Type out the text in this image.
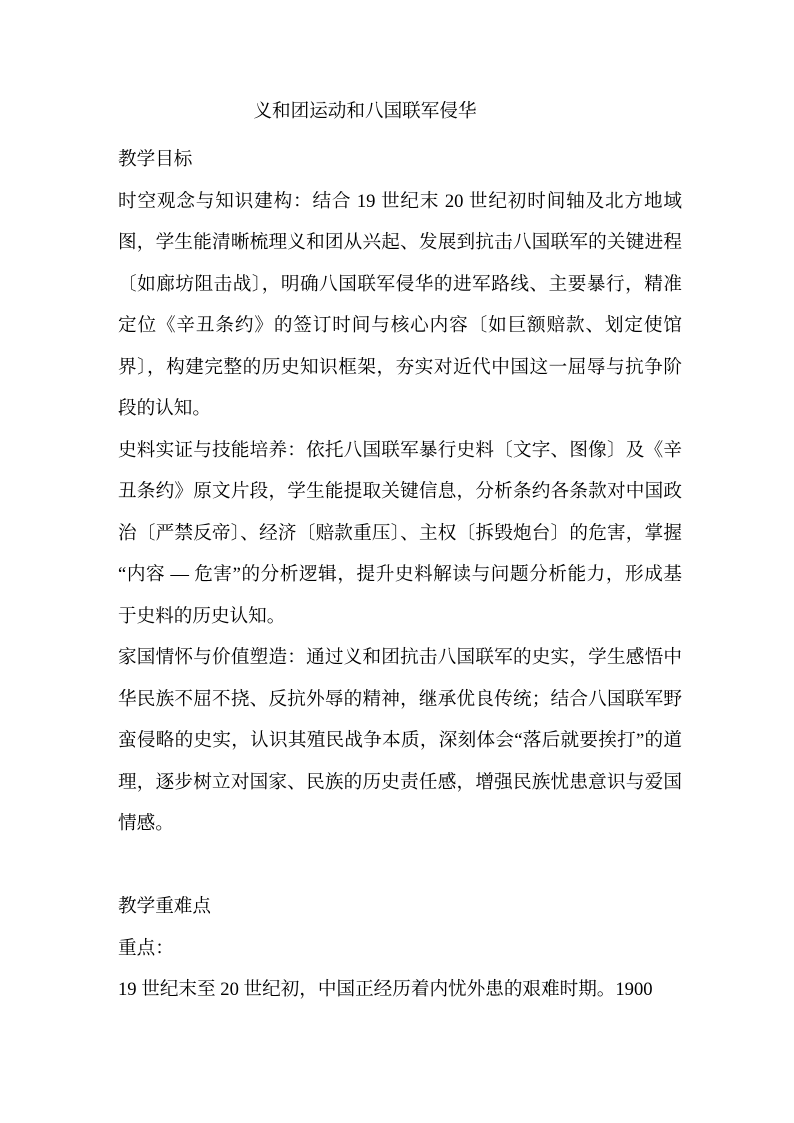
义和团运动和八国联军侵华

教学目标

时空观念与知识建构：结合 19 世纪末 20 世纪初时间轴及北方地域图，学生能清晰梳理义和团从兴起、发展到抗击八国联军的关键进程〔如廊坊阻击战〕，明确八国联军侵华的进军路线、主要暴行，精准定位《辛丑条约》的签订时间与核心内容〔如巨额赔款、划定使馆界〕，构建完整的历史知识框架，夯实对近代中国这一屈辱与抗争阶段的认知。

史料实证与技能培养：依托八国联军暴行史料〔文字、图像〕及《辛丑条约》原文片段，学生能提取关键信息，分析条约各条款对中国政治〔严禁反帝〕、经济〔赔款重压〕、主权〔拆毁炮台〕的危害，掌握“内容 — 危害”的分析逻辑，提升史料解读与问题分析能力，形成基于史料的历史认知。

家国情怀与价值塑造：通过义和团抗击八国联军的史实，学生感悟中华民族不屈不挠、反抗外辱的精神，继承优良传统；结合八国联军野蛮侵略的史实，认识其殖民战争本质，深刻体会“落后就要挨打”的道理，逐步树立对国家、民族的历史责任感，增强民族忧患意识与爱国情感。

教学重难点

重点：

19 世纪末至 20 世纪初，中国正经历着内忧外患的艰难时期。1900
